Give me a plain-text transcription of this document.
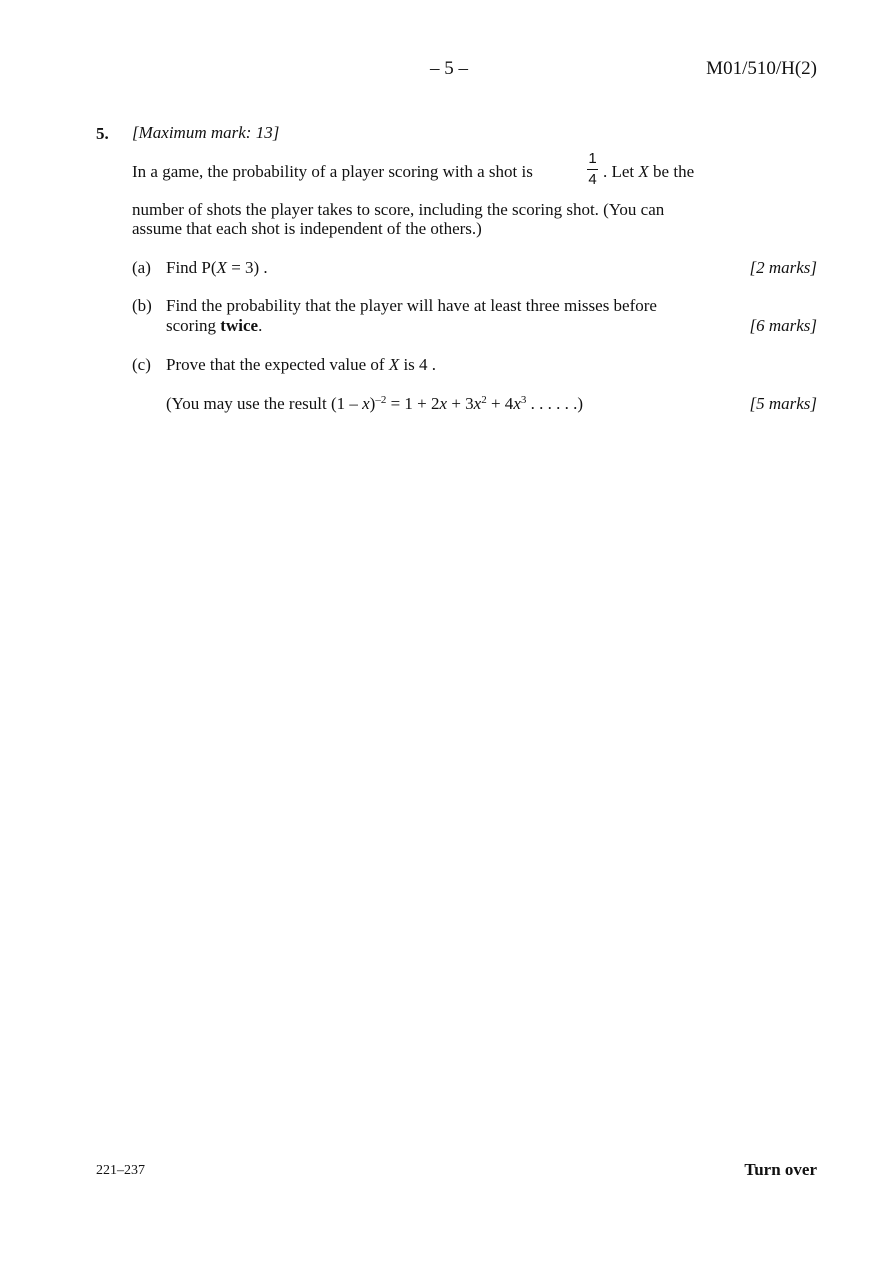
– 5 –	M01/510/H(2)
5. [Maximum mark: 13]
In a game, the probability of a player scoring with a shot is
1
4 . Let X be the
number of shots the player takes to score, including the scoring shot. (You can
assume that each shot is independent of the others.)
(a) Find P(X = 3) .	[2 marks]
(b) Find the probability that the player will have at least three misses before
scoring twice.	[6 marks]
(c) Prove that the expected value of X is 4 .
(You may use the result $(1 - x)^{-2} = 1 + 2x + 3x^2 + 4x^3$ . . . . . .)	[5 marks]
221–237	Turn over
